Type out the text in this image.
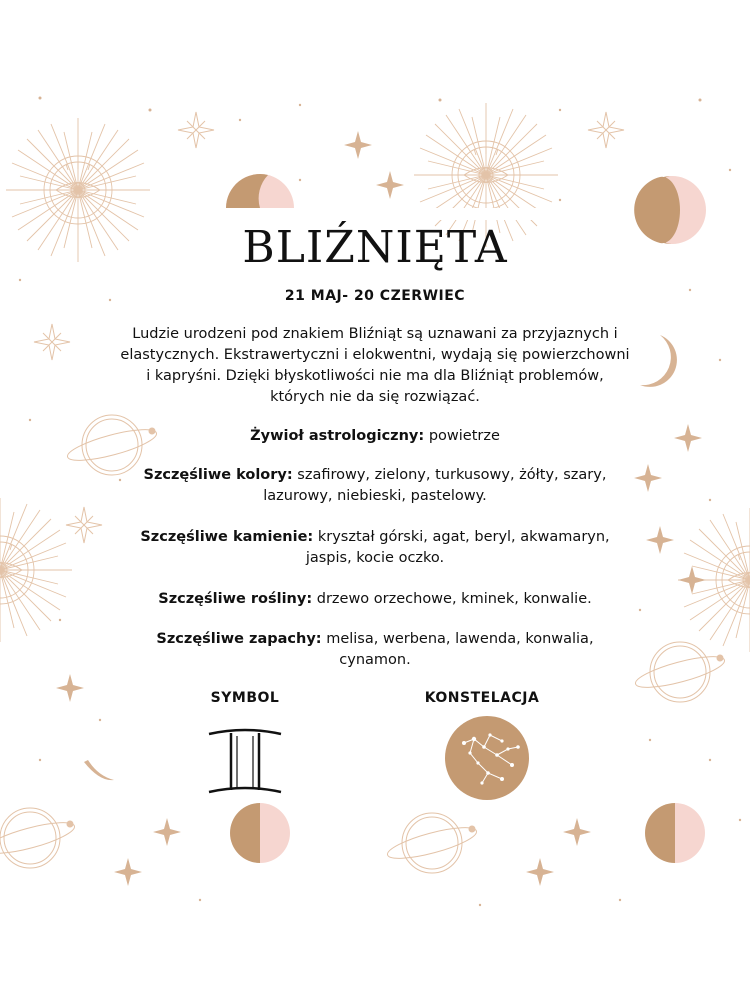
BLIŹNIĘTA
21 MAJ- 20 CZERWIEC
Ludzie urodzeni pod znakiem Bliźniąt są uznawani za przyjaznych i elastycznych. Ekstrawertyczni i elokwentni, wydają się powierzchowni i kapryśni. Dzięki błyskotliwości nie ma dla Bliźniąt problemów, których nie da się rozwiązać.
Żywioł astrologiczny: powietrze
Szczęśliwe kolory: szafirowy, zielony, turkusowy, żółty, szary, lazurowy, niebieski, pastelowy.
Szczęśliwe kamienie: kryształ górski, agat, beryl, akwamaryn, jaspis, kocie oczko.
Szczęśliwe rośliny: drzewo orzechowe, kminek, konwalie.
Szczęśliwe zapachy: melisa, werbena, lawenda, konwalia, cynamon.
SYMBOL	KONSTELACJA
